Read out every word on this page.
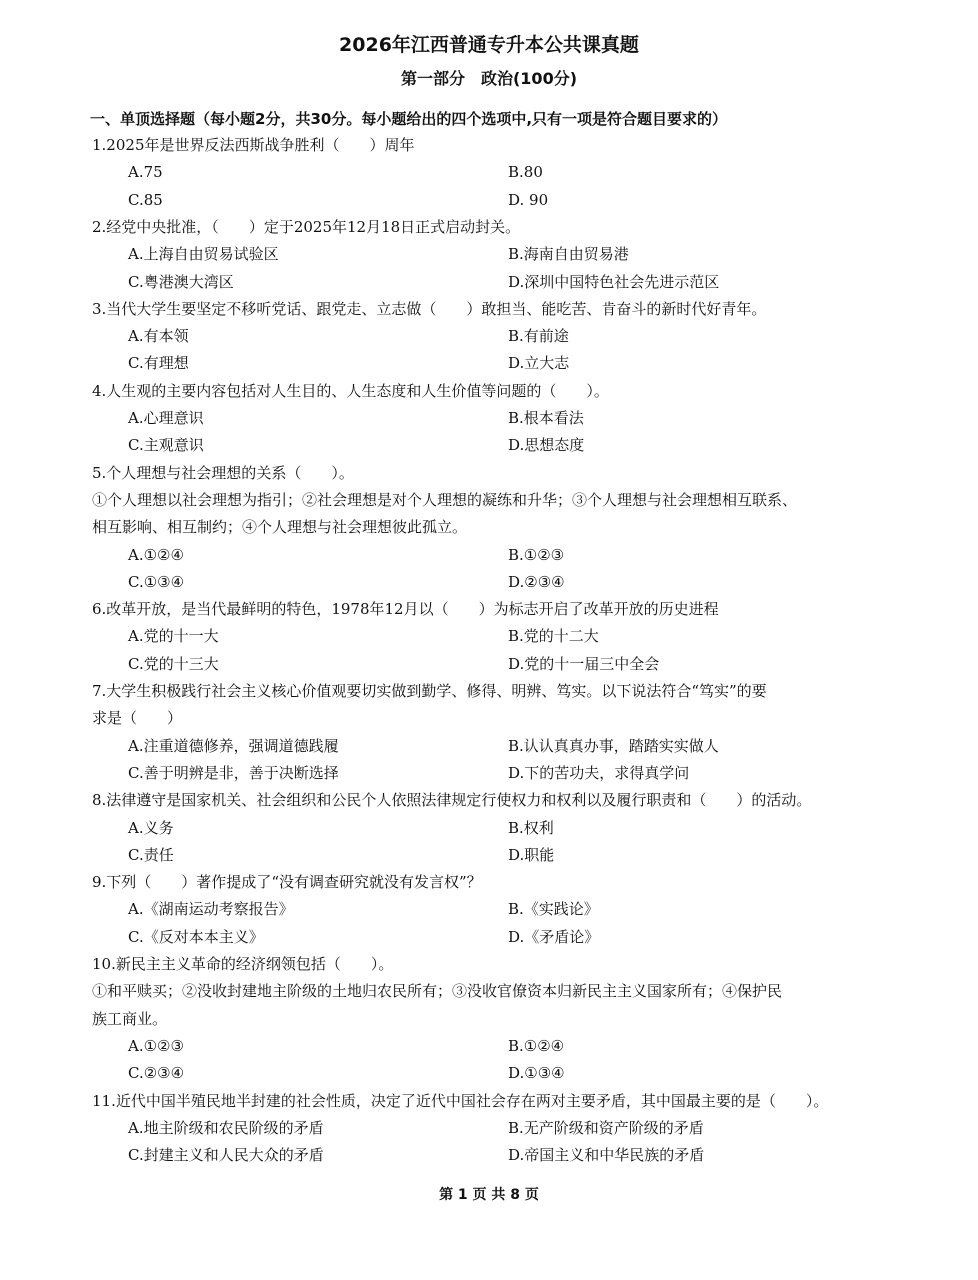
2026年江西普通专升本公共课真题
第一部分　政治(100分)
一、单顶选择题（每小题2分，共30分。每小题给出的四个选项中,只有一项是符合题目要求的）
1.2025年是世界反法西斯战争胜利（　　）周年
A.75	B.80
C.85	D. 90
2.经党中央批准，（　　）定于2025年12月18日正式启动封关。
A.上海自由贸易试验区	B.海南自由贸易港
C.粤港澳大湾区	D.深圳中国特色社会先进示范区
3.当代大学生要坚定不移听党话、跟党走、立志做（　　）敢担当、能吃苦、肯奋斗的新时代好青年。
A.有本领	B.有前途
C.有理想	D.立大志
4.人生观的主要内容包括对人生目的、人生态度和人生价值等问题的（　　）。
A.心理意识	B.根本看法
C.主观意识	D.思想态度
5.个人理想与社会理想的关系（　　）。
①个人理想以社会理想为指引；②社会理想是对个人理想的凝练和升华；③个人理想与社会理想相互联系、
相互影响、相互制约；④个人理想与社会理想彼此孤立。
A.①②④	B.①②③
C.①③④	D.②③④
6.改革开放，是当代最鲜明的特色，1978年12月以（　　）为标志开启了改革开放的历史进程
A.党的十一大	B.党的十二大
C.党的十三大	D.党的十一届三中全会
7.大学生积极践行社会主义核心价值观要切实做到勤学、修得、明辨、笃实。以下说法符合“笃实”的要
求是（　　）
A.注重道德修养，强调道德践履	B.认认真真办事，踏踏实实做人
C.善于明辨是非，善于决断选择	D.下的苦功夫，求得真学问
8.法律遵守是国家机关、社会组织和公民个人依照法律规定行使权力和权利以及履行职责和（　　）的活动。
A.义务	B.权利
C.责任	D.职能
9.下列（　　）著作提成了“没有调查研究就没有发言权”？
A.《湖南运动考察报告》	B.《实践论》
C.《反对本本主义》	D.《矛盾论》
10.新民主主义革命的经济纲领包括（　　）。
①和平赎买；②没收封建地主阶级的土地归农民所有；③没收官僚资本归新民主主义国家所有；④保护民
族工商业。
A.①②③	B.①②④
C.②③④	D.①③④
11.近代中国半殖民地半封建的社会性质，决定了近代中国社会存在两对主要矛盾，其中国最主要的是（　　）。
A.地主阶级和农民阶级的矛盾	B.无产阶级和资产阶级的矛盾
C.封建主义和人民大众的矛盾	D.帝国主义和中华民族的矛盾
第 1 页 共 8 页
